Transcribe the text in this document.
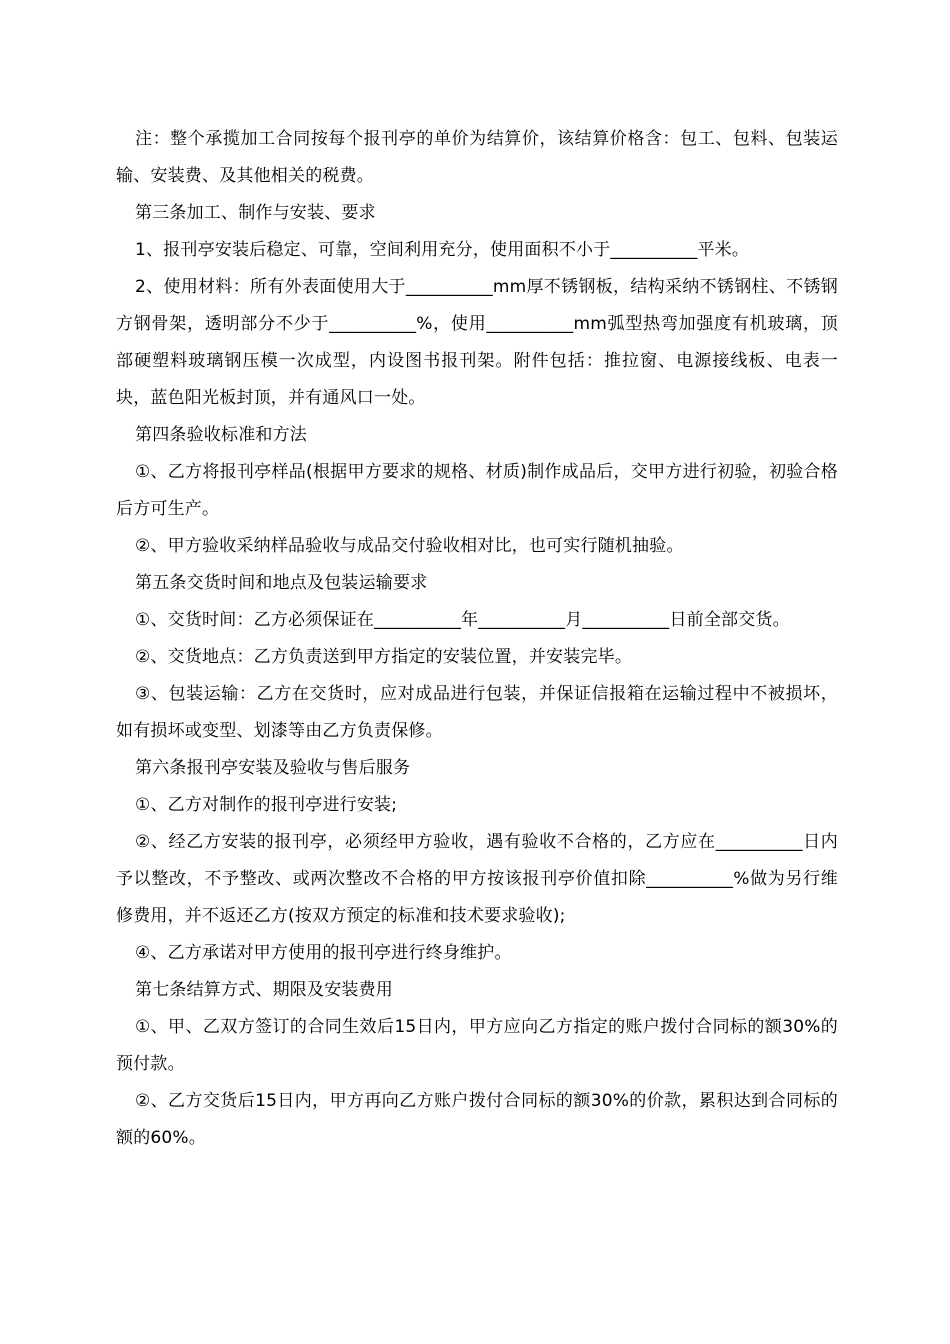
注：整个承揽加工合同按每个报刊亭的单价为结算价，该结算价格含：包工、包料、包装运输、安装费、及其他相关的税费。

第三条加工、制作与安装、要求

1、报刊亭安装后稳定、可靠，空间利用充分，使用面积不小于__________平米。

2、使用材料：所有外表面使用大于__________mm厚不锈钢板，结构采纳不锈钢柱、不锈钢方钢骨架，透明部分不少于__________%，使用__________mm弧型热弯加强度有机玻璃，顶部硬塑料玻璃钢压模一次成型，内设图书报刊架。附件包括：推拉窗、电源接线板、电表一块，蓝色阳光板封顶，并有通风口一处。

第四条验收标准和方法

①、乙方将报刊亭样品(根据甲方要求的规格、材质)制作成品后，交甲方进行初验，初验合格后方可生产。

②、甲方验收采纳样品验收与成品交付验收相对比，也可实行随机抽验。

第五条交货时间和地点及包装运输要求

①、交货时间：乙方必须保证在__________年__________月__________日前全部交货。

②、交货地点：乙方负责送到甲方指定的安装位置，并安装完毕。

③、包装运输：乙方在交货时，应对成品进行包装，并保证信报箱在运输过程中不被损坏，如有损坏或变型、划漆等由乙方负责保修。

第六条报刊亭安装及验收与售后服务

①、乙方对制作的报刊亭进行安装;

②、经乙方安装的报刊亭，必须经甲方验收，遇有验收不合格的，乙方应在__________日内予以整改，不予整改、或两次整改不合格的甲方按该报刊亭价值扣除__________%做为另行维修费用，并不返还乙方(按双方预定的标准和技术要求验收);

④、乙方承诺对甲方使用的报刊亭进行终身维护。

第七条结算方式、期限及安装费用

①、甲、乙双方签订的合同生效后15日内，甲方应向乙方指定的账户拨付合同标的额30%的预付款。

②、乙方交货后15日内，甲方再向乙方账户拨付合同标的额30%的价款，累积达到合同标的额的60%。
